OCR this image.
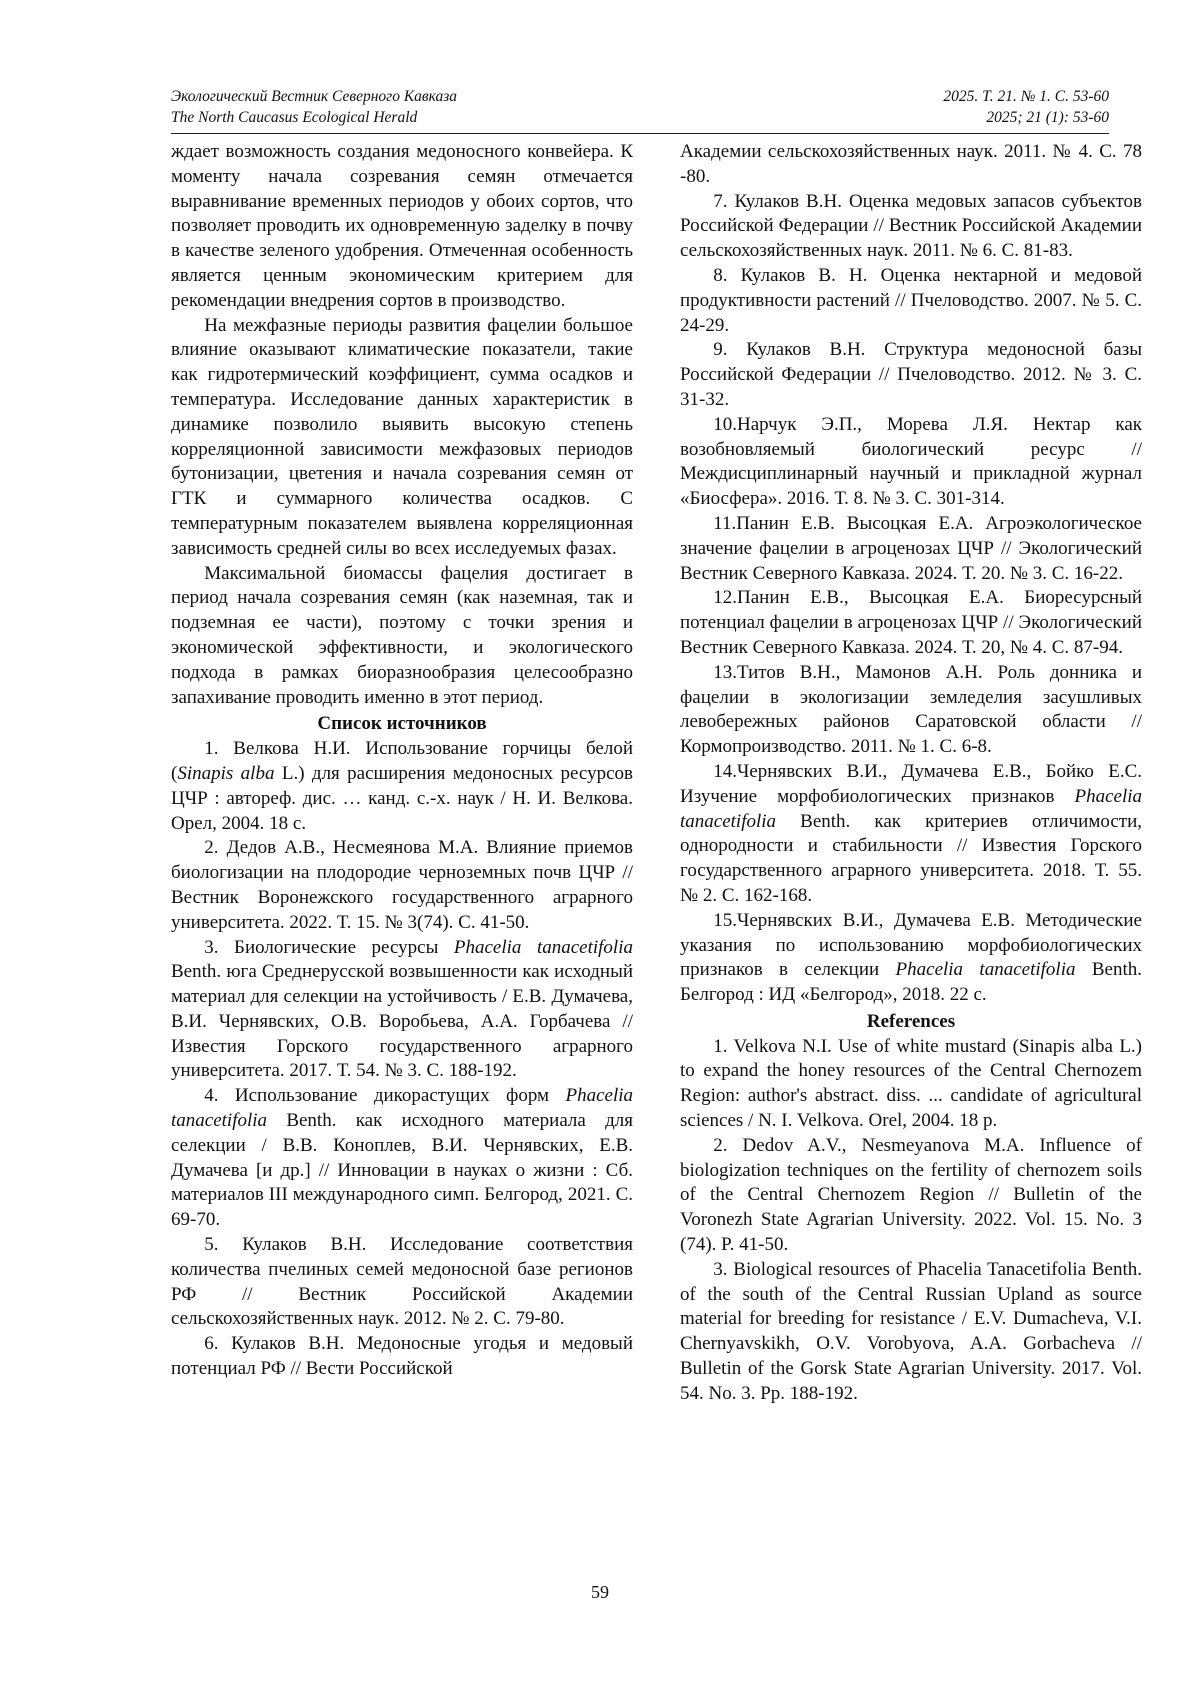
Экологический Вестник Северного Кавказа	2025. Т. 21. № 1. С. 53-60
The North Caucasus Ecological Herald	2025; 21 (1): 53-60

ждает возможность создания медоносного конвейера. К моменту начала созревания семян отмечается выравнивание временных периодов у обоих сортов, что позволяет проводить их одновременную заделку в почву в качестве зеленого удобрения. Отмеченная особенность является ценным экономическим критерием для рекомендации внедрения сортов в производство.

На межфазные периоды развития фацелии большое влияние оказывают климатические показатели, такие как гидротермический коэффициент, сумма осадков и температура. Исследование данных характеристик в динамике позволило выявить высокую степень корреляционной зависимости межфазовых периодов бутонизации, цветения и начала созревания семян от ГТК и суммарного количества осадков. С температурным показателем выявлена корреляционная зависимость средней силы во всех исследуемых фазах.

Максимальной биомассы фацелия достигает в период начала созревания семян (как наземная, так и подземная ее части), поэтому с точки зрения и экономической эффективности, и экологического подхода в рамках биоразнообразия целесообразно запахивание проводить именно в этот период.

Список источников

1. Велкова Н.И. Использование горчицы белой (Sinapis alba L.) для расширения медоносных ресурсов ЦЧР : автореф. дис. … канд. с.-х. наук / Н. И. Велкова. Орел, 2004. 18 с.

2. Дедов А.В., Несмеянова М.А. Влияние приемов биологизации на плодородие черноземных почв ЦЧР // Вестник Воронежского государственного аграрного университета. 2022. Т. 15. № 3(74). С. 41-50.

3. Биологические ресурсы Phacelia tanacetifolia Benth. юга Среднерусской возвышенности как исходный материал для селекции на устойчивость / Е.В. Думачева, В.И. Чернявских, О.В. Воробьева, А.А. Горбачева // Известия Горского государственного аграрного университета. 2017. Т. 54. № 3. С. 188-192.

4. Использование дикорастущих форм Phacelia tanacetifolia Benth. как исходного материала для селекции / В.В. Коноплев, В.И. Чернявских, Е.В. Думачева [и др.] // Инновации в науках о жизни : Сб. материалов III международного симп. Белгород, 2021. С. 69-70.

5. Кулаков В.Н. Исследование соответствия количества пчелиных семей медоносной базе регионов РФ // Вестник Российской Академии сельскохозяйственных наук. 2012. № 2. С. 79-80.

6. Кулаков В.Н. Медоносные угодья и медовый потенциал РФ // Вести Российской

Академии сельскохозяйственных наук. 2011. № 4. С. 78 -80.

7. Кулаков В.Н. Оценка медовых запасов субъектов Российской Федерации // Вестник Российской Академии сельскохозяйственных наук. 2011. № 6. С. 81-83.

8. Кулаков В. Н. Оценка нектарной и медовой продуктивности растений // Пчеловодство. 2007. № 5. С. 24-29.

9. Кулаков В.Н. Структура медоносной базы Российской Федерации // Пчеловодство. 2012. № 3. С. 31-32.

10.Нарчук Э.П., Морева Л.Я. Нектар как возобновляемый биологический ресурс // Междисциплинарный научный и прикладной журнал «Биосфера». 2016. Т. 8. № 3. С. 301-314.

11.Панин Е.В. Высоцкая Е.А. Агроэкологическое значение фацелии в агроценозах ЦЧР // Экологический Вестник Северного Кавказа. 2024. Т. 20. № 3. С. 16-22.

12.Панин Е.В., Высоцкая Е.А. Биоресурсный потенциал фацелии в агроценозах ЦЧР // Экологический Вестник Северного Кавказа. 2024. Т. 20, № 4. С. 87-94.

13.Титов В.Н., Мамонов А.Н. Роль донника и фацелии в экологизации земледелия засушливых левобережных районов Саратовской области // Кормопроизводство. 2011. № 1. С. 6-8.

14.Чернявских В.И., Думачева Е.В., Бойко Е.С. Изучение морфобиологических признаков Phacelia tanacetifolia Benth. как критериев отличимости, однородности и стабильности // Известия Горского государственного аграрного университета. 2018. Т. 55. № 2. С. 162-168.

15.Чернявских В.И., Думачева Е.В. Методические указания по использованию морфобиологических признаков в селекции Phacelia tanacetifolia Benth. Белгород : ИД «Белгород», 2018. 22 с.

References

1. Velkova N.I. Use of white mustard (Sinapis alba L.) to expand the honey resources of the Central Chernozem Region: author's abstract. diss. ... candidate of agricultural sciences / N. I. Velkova. Orel, 2004. 18 p.

2. Dedov A.V., Nesmeyanova M.A. Influence of biologization techniques on the fertility of chernozem soils of the Central Chernozem Region // Bulletin of the Voronezh State Agrarian University. 2022. Vol. 15. No. 3 (74). P. 41-50.

3. Biological resources of Phacelia Tanacetifolia Benth. of the south of the Central Russian Upland as source material for breeding for resistance / E.V. Dumacheva, V.I. Chernyavskikh, O.V. Vorobyova, A.A. Gorbacheva // Bulletin of the Gorsk State Agrarian University. 2017. Vol. 54. No. 3. Pp. 188-192.

59
